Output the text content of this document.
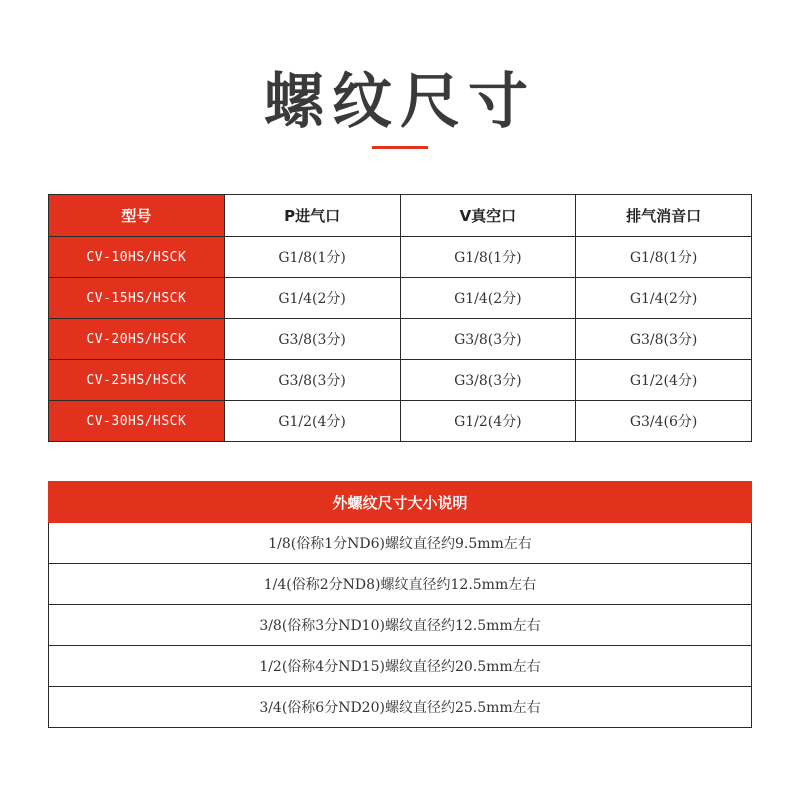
螺纹尺寸
型号	P进气口	V真空口	排气消音口
CV-10HS/HSCK	G1/8(1分)	G1/8(1分)	G1/8(1分)
CV-15HS/HSCK	G1/4(2分)	G1/4(2分)	G1/4(2分)
CV-20HS/HSCK	G3/8(3分)	G3/8(3分)	G3/8(3分)
CV-25HS/HSCK	G3/8(3分)	G3/8(3分)	G1/2(4分)
CV-30HS/HSCK	G1/2(4分)	G1/2(4分)	G3/4(6分)
外螺纹尺寸大小说明
1/8(俗称1分ND6)螺纹直径约9.5mm左右
1/4(俗称2分ND8)螺纹直径约12.5mm左右
3/8(俗称3分ND10)螺纹直径约12.5mm左右
1/2(俗称4分ND15)螺纹直径约20.5mm左右
3/4(俗称6分ND20)螺纹直径约25.5mm左右
